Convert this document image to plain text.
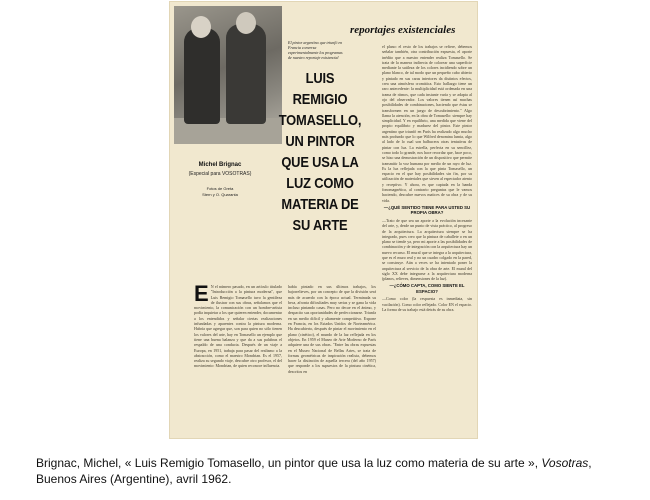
El pintor argentino que triunfó en Francia conversa experimentalmente los programas de nuestro reportaje existencial
reportajes existenciales
LUIS
REMIGIO
TOMASELLO,
UN PINTOR
QUE USA LA
LUZ COMO
MATERIA DE
SU ARTE
Michel Brignac
(Especial para VOSOTRAS)
Fotos de Greta
Stern y O. Quaranta
el plano: el resto de los trabajos se refiere, debemos señalar también, otra contribución expuesta, el aporte inédito que a nuestro entender realiza Tomasello. Se trata de la manera indirecta de colorear una superficie mediante la sutileza de los colores incidiendo sobre un plano blanco, de tal modo que un pequeño cubo abierto y pintado en sus caras interiores da distintos efectos, crea una atmósfera cromática. Esto hallazgo tiene un raro antecedente: la multiplicidad está ordenada en una trama de ritmos, que cada instante varía y se adapta al ojo del observador. Los valores tienen así muchas posibilidades de combinaciones, haciendo que éstas se transformen en un juego de descubrimiento." Algo llama la atención, en la obra de Tomasello: siempre hay simplicidad. Y en equilibrio, una medida que viene del propio equilibrio y madurez del pintor. Este pintor argentino que triunfó en París ha realizado algo mucho más profundo que lo que Wilfred denomina lumia, algo al lado de lo cual son balbuceos otras tentativas de pintar con luz. La estrella, perfecta en su sencillez, como todo lo grande, nos hace recordar que, hace poco, se hizo una demostración de un dispositivo que permite transmitir la voz humana por medio de un rayo de luz. Es la luz reflejada con la que pinta Tomasello, un espacio en el que hay posibilidades sin fin, por su utilización de materiales que sirven al espectador atento y receptivo. Y ahora, es que captada en la banda fonomagnética, al contrario preguntas que le vamos haciendo, descubre nuevos matices de su obra y de su vida.
—¿QUÉ SENTIDO TIENE PARA USTED SU PROPIA OBRA?
—Trato de que sea un aporte a la evolución incesante del arte, y, desde un punto de vista práctico, al progreso de la arquitectura. La arquitectura siempre se ha integrado, pues creo que la pintura de caballete o en un plano se tiende ya, pero mi aporte a las posibilidades de combinación y de integración con la arquitectura hay un nuevo recurso. El mural que se integra a la arquitectura, que es el muro real y no un cuadro colgado en la pared, se construye. Aún a veces se ha intentado poner la arquitectura al servicio de la obra de arte. El mural del siglo XX debe integrarse a la arquitectura moderna (planos, relieves, dimensiones de la luz).
—¿CÓMO CAPTA, COMO SIENTE EL ESPACIO?
—Como color (la respuesta es inmediata, sin vacilación). Como color reflejado. Color EN el espacio. La forma de su trabajo está detrás de su obra.
E N el número pasado, en un artículo titulado "Introducción a la pintura moderna", que Luis Remigio Tomasello tuvo la gentileza de ilustrar con sus obras, señalamos que el movimiento, la comunicación con un hombre-artista podía inquietar a los que quieren entender, documentar a los entendidos y señalar ciertas realizaciones infundadas y aparentes contra la pintura moderna. Habría que agregar que, son para quien no sólo tienen los valores del arte, hay en Tomasello un ejemplo que tiene una buena balanza y que da a sus palabras el respaldo de una conducta. Después de un viaje a Europa, en 1951, trabaja para pasar del realismo a la abstracción, como el maestro Mondrian. Es el 1957, realiza su segundo viaje, descubre otro profesor, el del movimiento: Mondrian, de quien reconoce influencia.
había pintado en sus últimos trabajos, los bajorrelieves, por un concepto de que la división será más de acuerdo con la época actual. Terminada su beca, afronta dificultades muy serias y se gana la vida incluso pintando casas. Pero no decae en el ánimo, y despacito sus oportunidades de perfeccionarse. Triunfa en un medio difícil y altamente competitivo. Expone en Francia, en los Estados Unidos de Norteamérica. Ha descubierto, después de pintar el movimiento en el plano (cinético), el mundo de la luz reflejada en los objetos. En 1959 el Museo de Arte Moderno de París adquiere una de sus obras. "Entre las obras expuestas en el Museo Nacional de Bellas Artes, se trata de formas geométricas de inspiración realista, debemos hacer la distinción de aquella tercera (del año 1957) que responde a los supuestos de la pintura cinética, descritos en
Brignac, Michel, « Luis Remigio Tomasello, un pintor que usa la luz como materia de su arte », Vosotras, Buenos Aires (Argentine), avril 1962.
